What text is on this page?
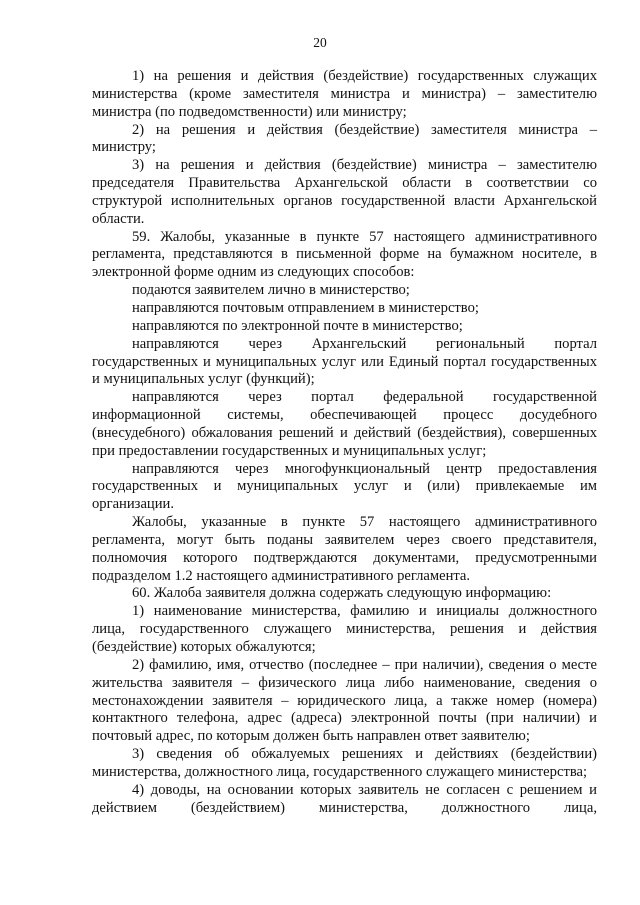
20

1) на решения и действия (бездействие) государственных служащих министерства (кроме заместителя министра и министра) – заместителю министра (по подведомственности) или министру;

2) на решения и действия (бездействие) заместителя министра – министру;

3) на решения и действия (бездействие) министра – заместителю председателя Правительства Архангельской области в соответствии со структурой исполнительных органов государственной власти Архангельской области.

59. Жалобы, указанные в пункте 57 настоящего административного регламента, представляются в письменной форме на бумажном носителе, в электронной форме одним из следующих способов:

подаются заявителем лично в министерство;

направляются почтовым отправлением в министерство;

направляются по электронной почте в министерство;

направляются через Архангельский региональный портал государственных и муниципальных услуг или Единый портал государственных и муниципальных услуг (функций);

направляются через портал федеральной государственной информационной системы, обеспечивающей процесс досудебного (внесудебного) обжалования решений и действий (бездействия), совершенных при предоставлении государственных и муниципальных услуг;

направляются через многофункциональный центр предоставления государственных и муниципальных услуг и (или) привлекаемые им организации.

Жалобы, указанные в пункте 57 настоящего административного регламента, могут быть поданы заявителем через своего представителя, полномочия которого подтверждаются документами, предусмотренными подразделом 1.2 настоящего административного регламента.

60. Жалоба заявителя должна содержать следующую информацию:

1) наименование министерства, фамилию и инициалы должностного лица, государственного служащего министерства, решения и действия (бездействие) которых обжалуются;

2) фамилию, имя, отчество (последнее – при наличии), сведения о месте жительства заявителя – физического лица либо наименование, сведения о местонахождении заявителя – юридического лица, а также номер (номера) контактного телефона, адрес (адреса) электронной почты (при наличии) и почтовый адрес, по которым должен быть направлен ответ заявителю;

3) сведения об обжалуемых решениях и действиях (бездействии) министерства, должностного лица, государственного служащего министерства;

4) доводы, на основании которых заявитель не согласен с решением и действием (бездействием) министерства, должностного лица,
